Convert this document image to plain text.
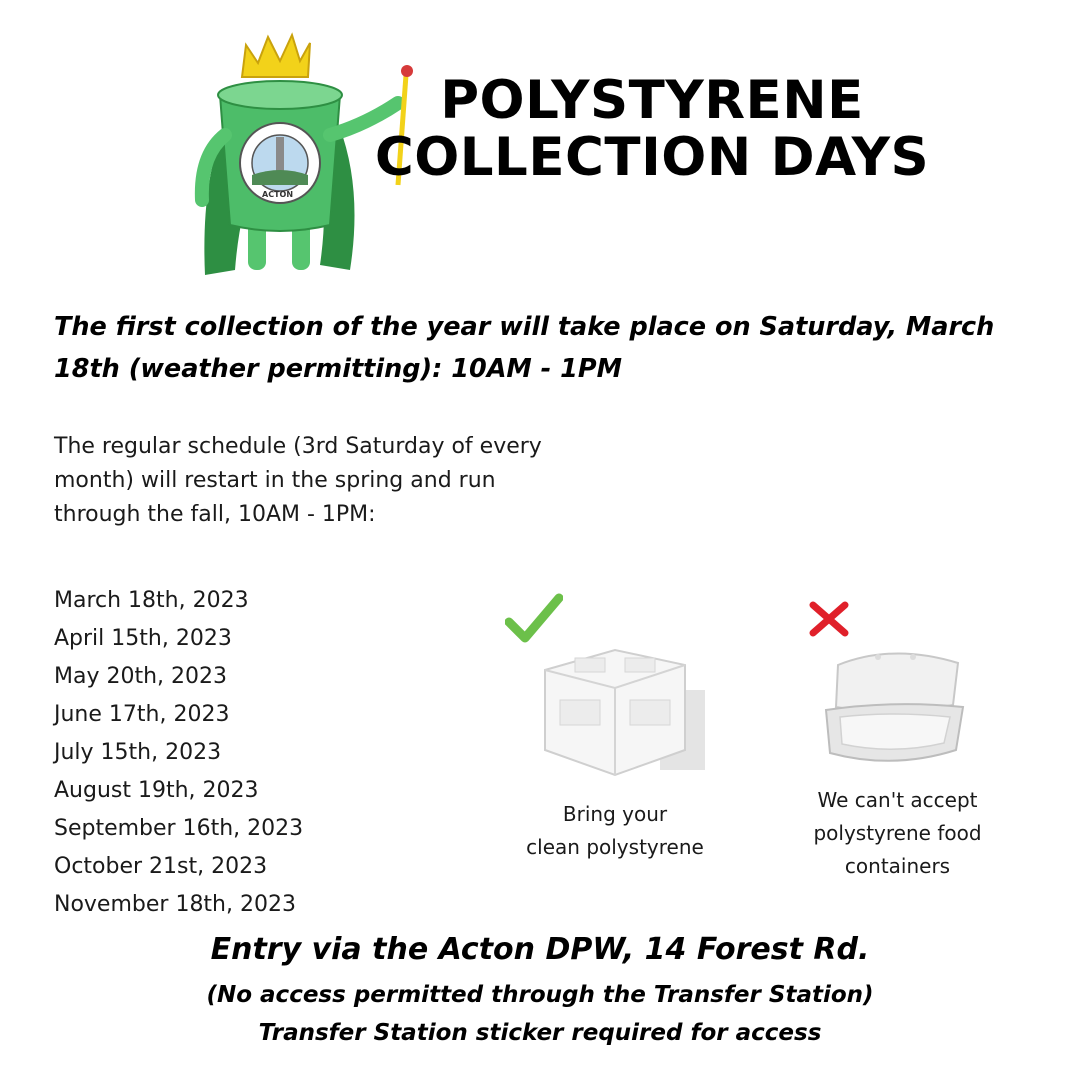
ACTON
POLYSTYRENE
COLLECTION DAYS
The first collection of the year will take place on Saturday, March 18th (weather permitting): 10AM - 1PM
The regular schedule (3rd Saturday of every
month) will restart in the spring and run
through the fall, 10AM - 1PM:
March 18th, 2023
April 15th, 2023
May 20th, 2023
June 17th, 2023
July 15th, 2023
August 19th, 2023
September 16th, 2023
October 21st, 2023
November 18th, 2023
Bring your
clean polystyrene
We can't accept
polystyrene food
containers
Entry via the Acton DPW, 14 Forest Rd.
(No access permitted through the Transfer Station)
Transfer Station sticker required for access
